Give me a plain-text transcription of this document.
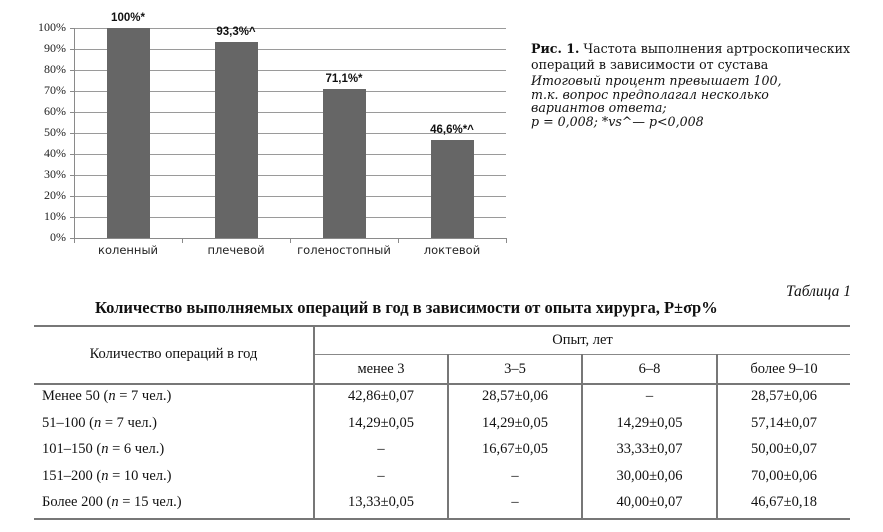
0%
10%
20%
30%
40%
50%
60%
70%
80%
90%
100%
100%*
коленный
93,3%^
плечевой
71,1%*
голеностопный
46,6%*^
локтевой
Рис. 1. Частота выполнения артроскопических операций в зависимости от сустава
Итоговый процент превышает 100,
т.к. вопрос предполагал несколько
вариантов ответа;
p = 0,008; *vs^— p<0,008
Таблица 1
Количество выполняемых операций в год в зависимости от опыта хирурга, P±σp%
Количество операций в год
Опыт, лет
менее 3	3–5	6–8	более 9–10
Менее 50 (n = 7 чел.)	42,86±0,07	28,57±0,06	–	28,57±0,06
51–100 (n = 7 чел.)	14,29±0,05	14,29±0,05	14,29±0,05	57,14±0,07
101–150 (n = 6 чел.)	–	16,67±0,05	33,33±0,07	50,00±0,07
151–200 (n = 10 чел.)	–	–	30,00±0,06	70,00±0,06
Более 200 (n = 15 чел.)	13,33±0,05	–	40,00±0,07	46,67±0,18
